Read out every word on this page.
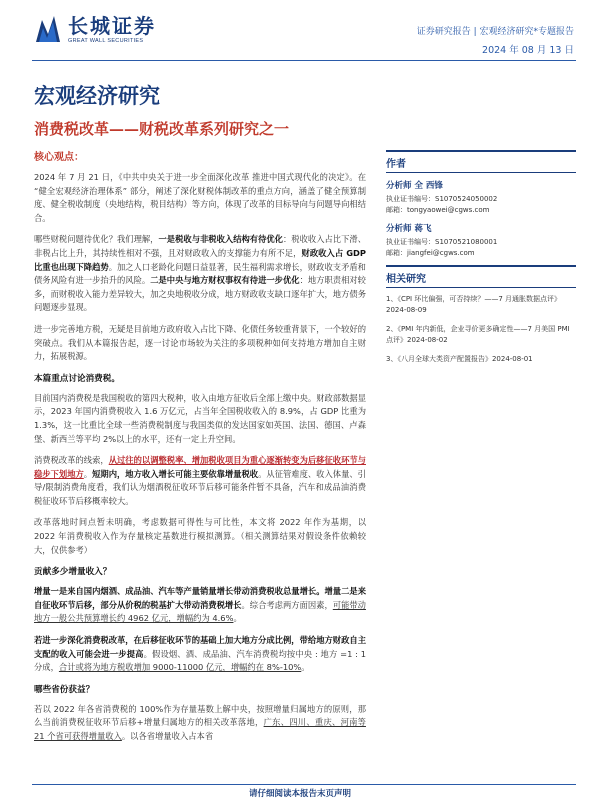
长城证券
GREAT WALL SECURITIES
证券研究报告 | 宏观经济研究*专题报告
2024 年 08 月 13 日
宏观经济研究
消费税改革——财税改革系列研究之一
核心观点：

2024 年 7 月 21 日，《中共中央关于进一步全面深化改革 推进中国式现代化的决定》。在 “健全宏观经济治理体系” 部分，阐述了深化财税体制改革的重点方向，涵盖了健全预算制度、健全税收制度（央地结构，税目结构）等方向，体现了改革的目标导向与问题导向相结合。

哪些财税问题待优化？我们理解，一是税收与非税收入结构有待优化：税收收入占比下滑、非税占比上升，其持续性相对不强，且对财政收入的支撑能力有所不足，财政收入占 GDP 比重也出现下降趋势。加之人口老龄化问题日益显著，民生福利需求增长，财政收支矛盾和债务风险有进一步抬升的风险。二是中央与地方财权事权有待进一步优化：地方职责相对较多，而财税收入能力差异较大，加之央地税收分成，地方财政收支缺口逐年扩大，地方债务问题逐步显现。

进一步完善地方税，无疑是目前地方政府收入占比下降、化债任务较重背景下，一个较好的突破点。我们从本篇报告起，逐一讨论市场较为关注的多项税种如何支持地方增加自主财力，拓展税源。

本篇重点讨论消费税。

目前国内消费税是我国税收的第四大税种，收入由地方征收后全部上缴中央。财政部数据显示，2023 年国内消费税收入 1.6 万亿元，占当年全国税收收入的 8.9%，占 GDP 比重为 1.3%，这一比重比全球一些消费税制度与我国类似的发达国家如英国、法国、德国、卢森堡、新西兰等平均 2%以上的水平，还有一定上升空间。

消费税改革的线索，从过往的以调整税率、增加税收项目为重心逐渐转变为后移征收环节与稳步下划地方。短期内，地方收入增长可能主要依靠增量税收。从征管难度、收入体量、引导/限制消费角度看，我们认为烟酒税征收环节后移可能条件暂不具备，汽车和成品油消费税征收环节后移概率较大。

改革落地时间点暂未明确，考虑数据可得性与可比性，本文将 2022 年作为基期，以 2022 年消费税收入作为存量核定基数进行模拟测算。（相关测算结果对假设条件依赖较大，仅供参考）

贡献多少增量收入？

增量一是来自国内烟酒、成品油、汽车等产量销量增长带动消费税收总量增长。增量二是来自征收环节后移，部分从价税的税基扩大带动消费税增长。综合考虑两方面因素，可能带动地方一般公共预算增长约 4962 亿元，增幅约为 4.6%。

若进一步深化消费税改革，在后移征收环节的基础上加大地方分成比例，带给地方财政自主支配的收入可能会进一步提高。假设烟、酒、成品油、汽车消费税均按中央 : 地方 =1 : 1 分成，合计或将为地方税收增加 9000-11000 亿元，增幅约在 8%-10%。

哪些省份获益？

若以 2022 年各省消费税的 100%作为存量基数上解中央，按照增量归属地方的原则，那么当前消费税征收环节后移+增量归属地方的相关改革落地，广东、四川、重庆、河南等 21 个省可获得增量收入。以各省增量收入占本省

作者
分析师 全 西锋
执业证书编号：S1070524050002
邮箱：tongyaowei@cgws.com
分析师 蒋飞
执业证书编号：S1070521080001
邮箱：jiangfei@cgws.com
相关研究
1、《CPI 环比偏强，可否持续？——7 月通胀数据点评》2024-08-09
2、《PMI 年内新低，企业寻价更多确定性——7 月美国 PMI 点评》2024-08-02
3、《八月全球大类资产配置报告》2024-08-01
请仔细阅读本报告末页声明
